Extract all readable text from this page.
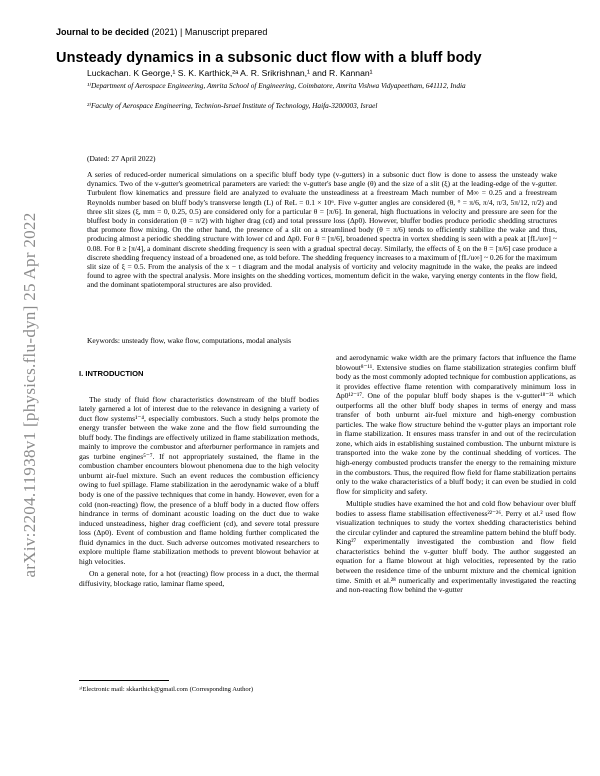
Journal to be decided (2021) | Manuscript prepared
Unsteady dynamics in a subsonic duct flow with a bluff body
Luckachan. K George,¹ S. K. Karthick,²ᵃ A. R. Srikrishnan,¹ and R. Kannan¹
¹⁾Department of Aerospace Engineering, Amrita School of Engineering, Coimbatore, Amrita Vishwa Vidyapeetham, 641112, India
²⁾Faculty of Aerospace Engineering, Technion-Israel Institute of Technology, Haifa-3200003, Israel
(Dated: 27 April 2022)
A series of reduced-order numerical simulations on a specific bluff body type (v-gutters) in a subsonic duct flow is done to assess the unsteady wake dynamics. Two of the v-gutter's geometrical parameters are varied: the v-gutter's base angle (θ) and the size of a slit (ξ) at the leading-edge of the v-gutter. Turbulent flow kinematics and pressure field are analyzed to evaluate the unsteadiness at a freestream Mach number of M∞ = 0.25 and a freestream Reynolds number based on bluff body's transverse length (L) of ReL = 0.1 × 10⁶. Five v-gutter angles are considered (θ, ° = π/6, π/4, π/3, 5π/12, π/2) and three slit sizes (ξ, mm = 0, 0.25, 0.5) are considered only for a particular θ = [π/6]. In general, high fluctuations in velocity and pressure are seen for the bluffest body in consideration (θ = π/2) with higher drag (cd) and total pressure loss (Δp0). However, bluffer bodies produce periodic shedding structures that promote flow mixing. On the other hand, the presence of a slit on a streamlined body (θ = π/6) tends to efficiently stabilize the wake and thus, producing almost a periodic shedding structure with lower cd and Δp0. For θ = [π/6], broadened spectra in vortex shedding is seen with a peak at [fL/u∞] ~ 0.08. For θ ≥ [π/4], a dominant discrete shedding frequency is seen with a gradual spectral decay. Similarly, the effects of ξ on the θ = [π/6] case produce a discrete shedding frequency instead of a broadened one, as told before. The shedding frequency increases to a maximum of [fL/u∞] ~ 0.26 for the maximum slit size of ξ = 0.5. From the analysis of the x − t diagram and the modal analysis of vorticity and velocity magnitude in the wake, the peaks are indeed found to agree with the spectral analysis. More insights on the shedding vortices, momentum deficit in the wake, varying energy contents in the flow field, and the dominant spatiotemporal structures are also provided.
Keywords: unsteady flow, wake flow, computations, modal analysis

I. INTRODUCTION

The study of fluid flow characteristics downstream of the bluff bodies lately garnered a lot of interest due to the relevance in designing a variety of duct flow systems¹⁻⁴, especially combustors. Such a study helps promote the energy transfer between the wake zone and the flow field surrounding the bluff body. The findings are effectively utilized in flame stabilization methods, mainly to improve the combustor and afterburner performance in ramjets and gas turbine engines⁵⁻⁷. If not appropriately sustained, the flame in the combustion chamber encounters blowout phenomena due to the high velocity unburnt air-fuel mixture. Such an event reduces the combustion efficiency owing to fuel spillage. Flame stabilization in the aerodynamic wake of a bluff body is one of the passive techniques that come in handy. However, even for a cold (non-reacting) flow, the presence of a bluff body in a ducted flow offers hindrance in terms of dominant acoustic loading on the duct due to wake induced unsteadiness, higher drag coefficient (cd), and severe total pressure loss (Δp0). Event of combustion and flame holding further complicated the fluid dynamics in the duct. Such adverse outcomes motivated researchers to explore multiple flame stabilization methods to prevent blowout behavior at high velocities.

On a general note, for a hot (reacting) flow process in a duct, the thermal diffusivity, blockage ratio, laminar flame speed,

and aerodynamic wake width are the primary factors that influence the flame blowout⁸⁻¹¹. Extensive studies on flame stabilization strategies confirm bluff body as the most commonly adopted technique for combustion applications, as it provides effective flame retention with comparatively minimum loss in Δp0¹²⁻¹⁷. One of the popular bluff body shapes is the v-gutter¹⁸⁻²¹ which outperforms all the other bluff body shapes in terms of energy and mass transfer of both unburnt air-fuel mixture and high-energy combustion particles. The wake flow structure behind the v-gutter plays an important role in flame stabilization. It ensures mass transfer in and out of the recirculation zone, which aids in establishing sustained combustion. The unburnt mixture is transported into the wake zone by the continual shedding of vortices. The high-energy combusted products transfer the energy to the remaining mixture in the combustors. Thus, the required flow field for flame stabilization pertains only to the wake characteristics of a bluff body; it can even be studied in cold flow for simplicity and safety.

Multiple studies have examined the hot and cold flow behaviour over bluff bodies to assess flame stabilisation effectiveness²²⁻²⁶. Perry et al.² used flow visualization techniques to study the vortex shedding characteristics behind the circular cylinder and captured the streamline pattern behind the bluff body. King²⁷ experimentally investigated the combustion and flow field characteristics behind the v-gutter bluff body. The author suggested an equation for a flame blowout at high velocities, represented by the ratio between the residence time of the unburnt mixture and the chemical ignition time. Smith et al.²⁸ numerically and experimentally investigated the reacting and non-reacting flow behind the v-gutter

ᵃ⁾Electronic mail: skkarthick@gmail.com (Corresponding Author)
arXiv:2204.11938v1 [physics.flu-dyn] 25 Apr 2022
